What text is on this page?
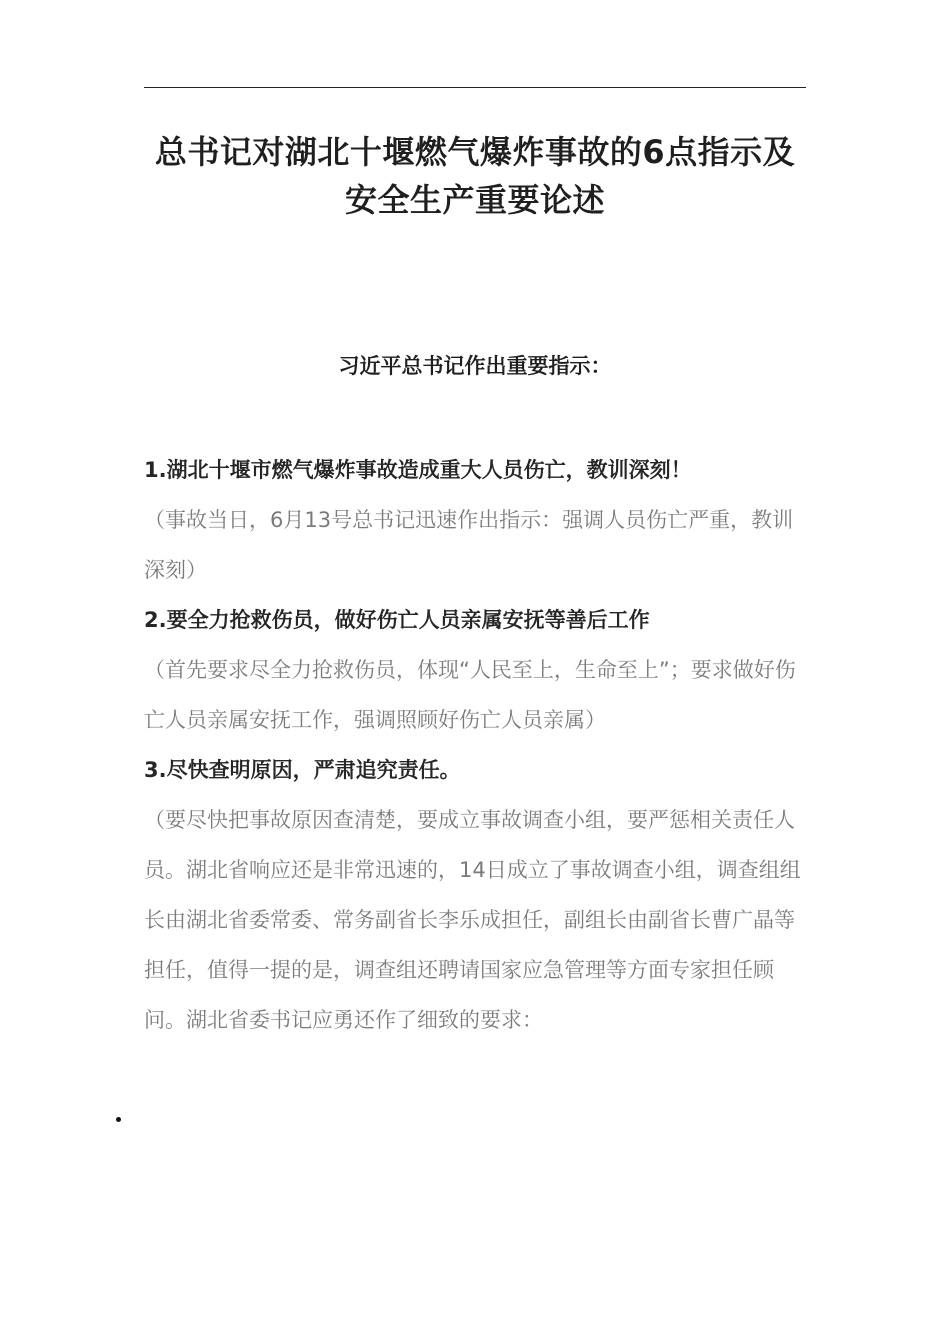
总书记对湖北十堰燃气爆炸事故的6点指示及安全生产重要论述
习近平总书记作出重要指示：

1.湖北十堰市燃气爆炸事故造成重大人员伤亡，教训深刻！

（事故当日，6月13号总书记迅速作出指示：强调人员伤亡严重，教训深刻）

2.要全力抢救伤员，做好伤亡人员亲属安抚等善后工作

（首先要求尽全力抢救伤员，体现“人民至上，生命至上”；要求做好伤亡人员亲属安抚工作，强调照顾好伤亡人员亲属）

3.尽快查明原因，严肃追究责任。

（要尽快把事故原因查清楚，要成立事故调查小组，要严惩相关责任人员。湖北省响应还是非常迅速的，14日成立了事故调查小组，调查组组长由湖北省委常委、常务副省长李乐成担任，副组长由副省长曹广晶等担任，值得一提的是，调查组还聘请国家应急管理等方面专家担任顾问。湖北省委书记应勇还作了细致的要求：
